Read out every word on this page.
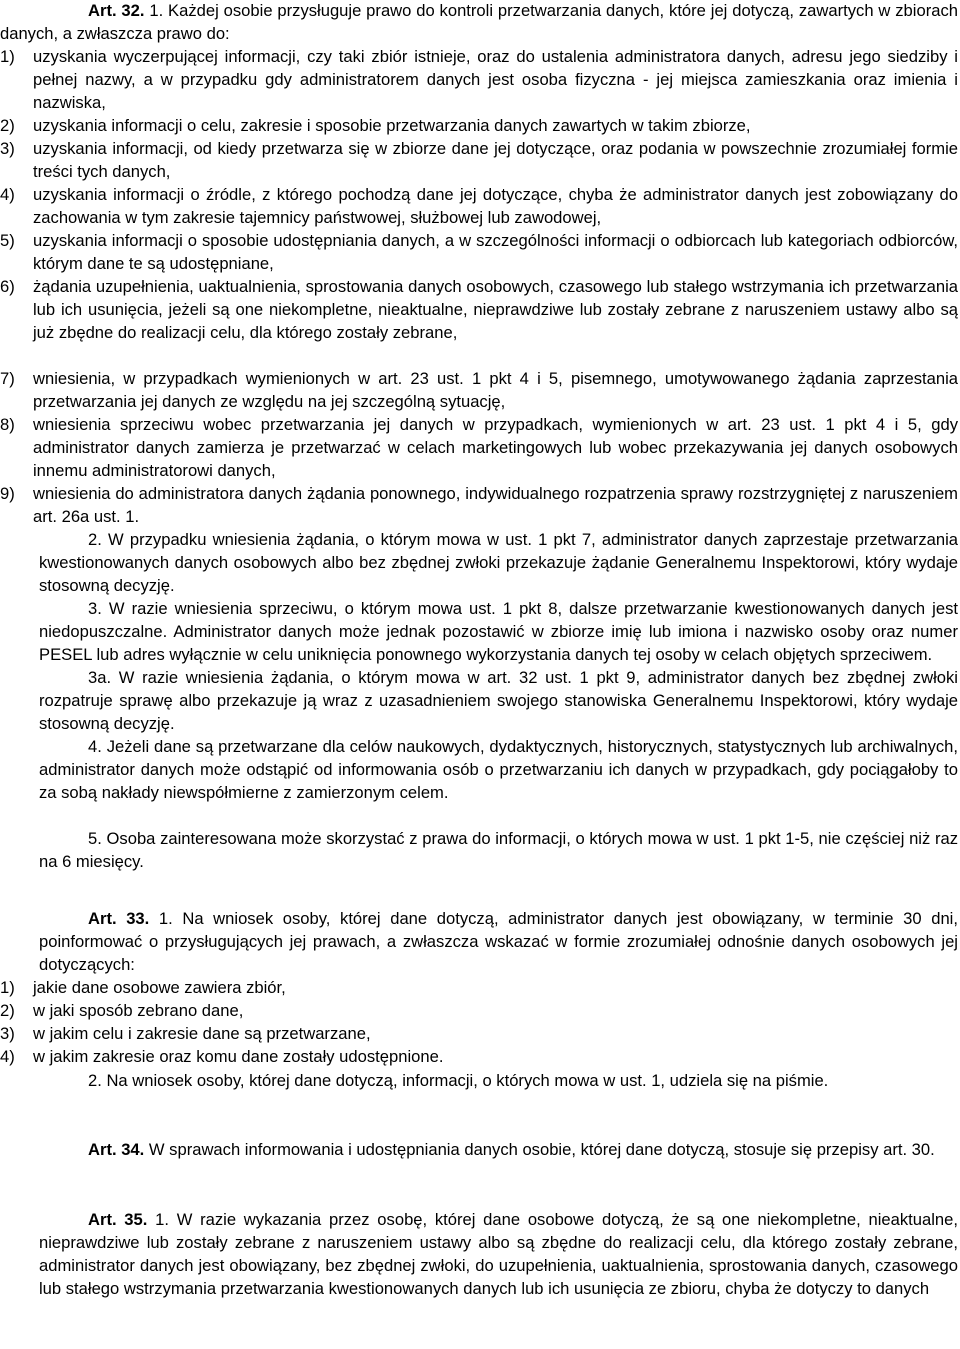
Art. 32. 1. Każdej osobie przysługuje prawo do kontroli przetwarzania danych, które jej dotyczą, zawartych w zbiorach danych, a zwłaszcza prawo do:
1) uzyskania wyczerpującej informacji, czy taki zbiór istnieje, oraz do ustalenia administratora danych, adresu jego siedziby i pełnej nazwy, a w przypadku gdy administratorem danych jest osoba fizyczna - jej miejsca zamieszkania oraz imienia i nazwiska,
2) uzyskania informacji o celu, zakresie i sposobie przetwarzania danych zawartych w takim zbiorze,
3) uzyskania informacji, od kiedy przetwarza się w zbiorze dane jej dotyczące, oraz podania w powszechnie zrozumiałej formie treści tych danych,
4) uzyskania informacji o źródle, z którego pochodzą dane jej dotyczące, chyba że administrator danych jest zobowiązany do zachowania w tym zakresie tajemnicy państwowej, służbowej lub zawodowej,
5) uzyskania informacji o sposobie udostępniania danych, a w szczególności informacji o odbiorcach lub kategoriach odbiorców, którym dane te są udostępniane,
6) żądania uzupełnienia, uaktualnienia, sprostowania danych osobowych, czasowego lub stałego wstrzymania ich przetwarzania lub ich usunięcia, jeżeli są one niekompletne, nieaktualne, nieprawdziwe lub zostały zebrane z naruszeniem ustawy albo są już zbędne do realizacji celu, dla którego zostały zebrane,
7) wniesienia, w przypadkach wymienionych w art. 23 ust. 1 pkt 4 i 5, pisemnego, umotywowanego żądania zaprzestania przetwarzania jej danych ze względu na jej szczególną sytuację,
8) wniesienia sprzeciwu wobec przetwarzania jej danych w przypadkach, wymienionych w art. 23 ust. 1 pkt 4 i 5, gdy administrator danych zamierza je przetwarzać w celach marketingowych lub wobec przekazywania jej danych osobowych innemu administratorowi danych,
9) wniesienia do administratora danych żądania ponownego, indywidualnego rozpatrzenia sprawy rozstrzygniętej z naruszeniem art. 26a ust. 1.
2. W przypadku wniesienia żądania, o którym mowa w ust. 1 pkt 7, administrator danych zaprzestaje przetwarzania kwestionowanych danych osobowych albo bez zbędnej zwłoki przekazuje żądanie Generalnemu Inspektorowi, który wydaje stosowną decyzję.
3. W razie wniesienia sprzeciwu, o którym mowa ust. 1 pkt 8, dalsze przetwarzanie kwestionowanych danych jest niedopuszczalne. Administrator danych może jednak pozostawić w zbiorze imię lub imiona i nazwisko osoby oraz numer PESEL lub adres wyłącznie w celu uniknięcia ponownego wykorzystania danych tej osoby w celach objętych sprzeciwem.
3a. W razie wniesienia żądania, o którym mowa w art. 32 ust. 1 pkt 9, administrator danych bez zbędnej zwłoki rozpatruje sprawę albo przekazuje ją wraz z uzasadnieniem swojego stanowiska Generalnemu Inspektorowi, który wydaje stosowną decyzję.
4. Jeżeli dane są przetwarzane dla celów naukowych, dydaktycznych, historycznych, statystycznych lub archiwalnych, administrator danych może odstąpić od informowania osób o przetwarzaniu ich danych w przypadkach, gdy pociągałoby to za sobą nakłady niewspółmierne z zamierzonym celem.
5. Osoba zainteresowana może skorzystać z prawa do informacji, o których mowa w ust. 1 pkt 1-5, nie częściej niż raz na 6 miesięcy.
Art. 33. 1. Na wniosek osoby, której dane dotyczą, administrator danych jest obowiązany, w terminie 30 dni, poinformować o przysługujących jej prawach, a zwłaszcza wskazać w formie zrozumiałej odnośnie danych osobowych jej dotyczących:
1) jakie dane osobowe zawiera zbiór,
2) w jaki sposób zebrano dane,
3) w jakim celu i zakresie dane są przetwarzane,
4) w jakim zakresie oraz komu dane zostały udostępnione.
2. Na wniosek osoby, której dane dotyczą, informacji, o których mowa w ust. 1, udziela się na piśmie.
Art. 34. W sprawach informowania i udostępniania danych osobie, której dane dotyczą, stosuje się przepisy art. 30.
Art. 35. 1. W razie wykazania przez osobę, której dane osobowe dotyczą, że są one niekompletne, nieaktualne, nieprawdziwe lub zostały zebrane z naruszeniem ustawy albo są zbędne do realizacji celu, dla którego zostały zebrane, administrator danych jest obowiązany, bez zbędnej zwłoki, do uzupełnienia, uaktualnienia, sprostowania danych, czasowego lub stałego wstrzymania przetwarzania kwestionowanych danych lub ich usunięcia ze zbioru, chyba że dotyczy to danych
